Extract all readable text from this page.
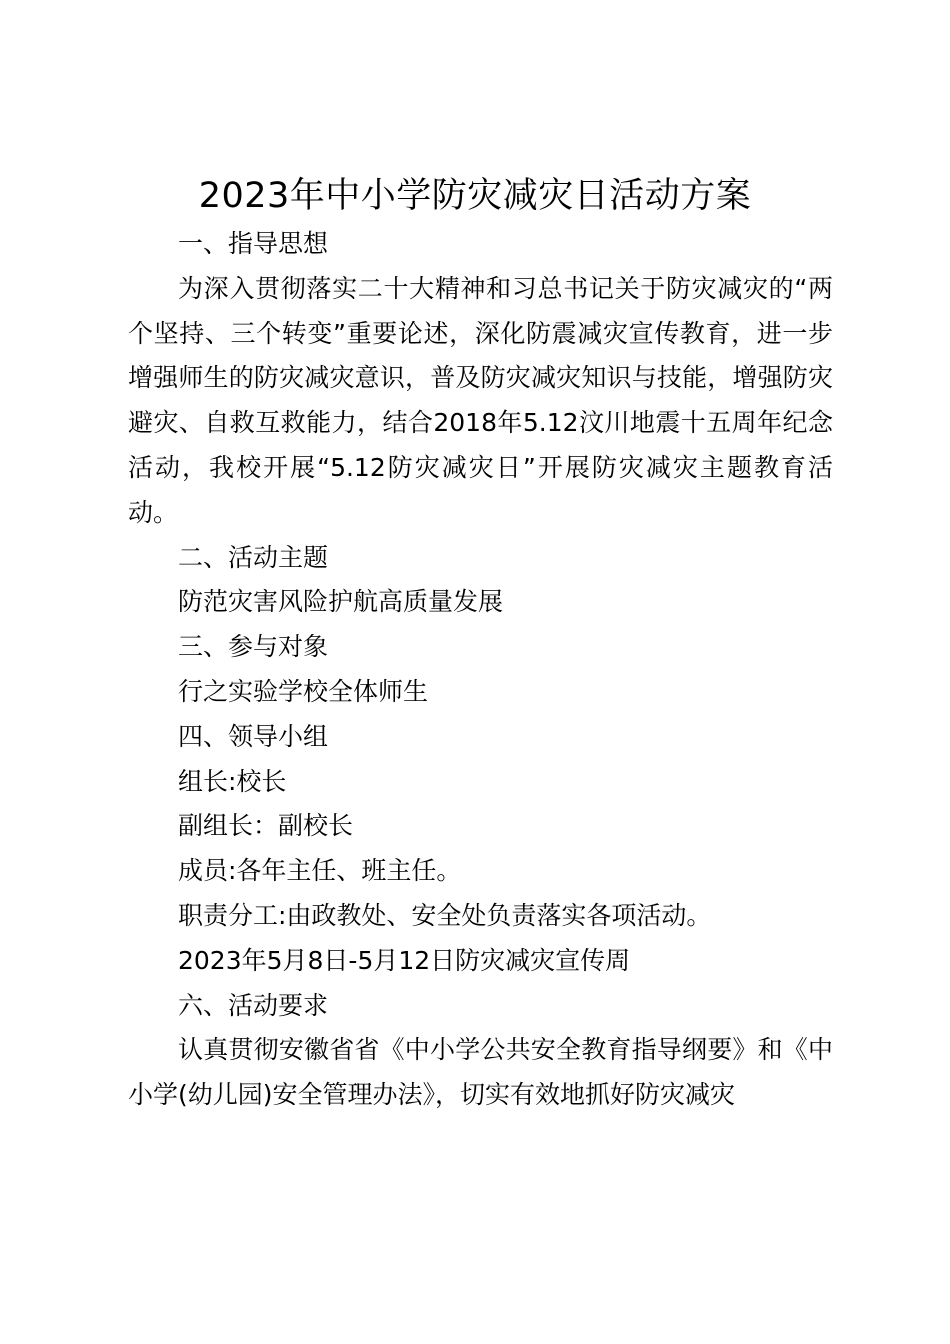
2023年中小学防灾减灾日活动方案

一、指导思想

为深入贯彻落实二十大精神和习总书记关于防灾减灾的“两个坚持、三个转变”重要论述，深化防震减灾宣传教育，进一步增强师生的防灾减灾意识，普及防灾减灾知识与技能，增强防灾避灾、自救互救能力，结合2018年5.12汶川地震十五周年纪念活动，我校开展“5.12防灾减灾日”开展防灾减灾主题教育活动。

二、活动主题

防范灾害风险护航高质量发展

三、参与对象

行之实验学校全体师生

四、领导小组

组长:校长

副组长：副校长

成员:各年主任、班主任。

职责分工:由政教处、安全处负责落实各项活动。

2023年5月8日-5月12日防灾减灾宣传周

六、活动要求

认真贯彻安徽省省《中小学公共安全教育指导纲要》和《中小学(幼儿园)安全管理办法》，切实有效地抓好防灾减灾
